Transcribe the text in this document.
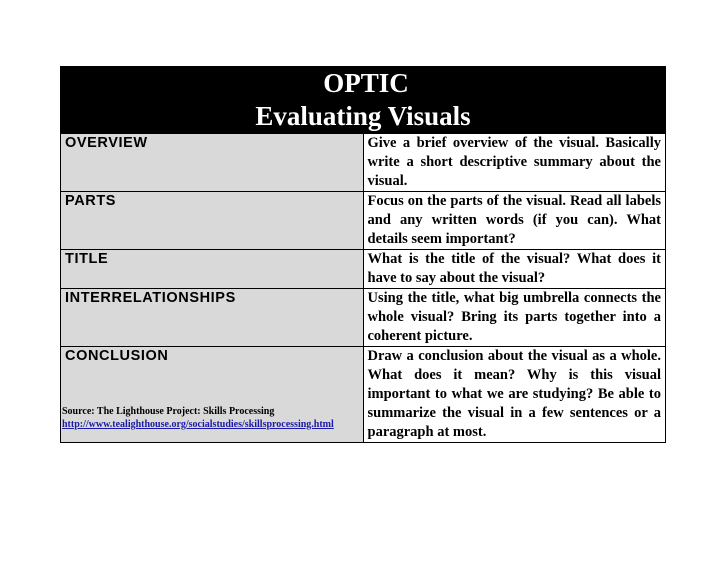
OPTIC
Evaluating Visuals	

OVERVIEW	Give a brief overview of the visual. Basically write a short descriptive summary about the visual.
PARTS	Focus on the parts of the visual. Read all labels and any written words (if you can). What details seem important?
TITLE	What is the title of the visual? What does it have to say about the visual?
INTERRELATIONSHIPS	Using the title, what big umbrella connects the whole visual? Bring its parts together into a coherent picture.
CONCLUSION	Draw a conclusion about the visual as a whole. What does it mean? Why is this visual important to what we are studying? Be able to summarize the visual in a few sentences or a paragraph at most.
Source: The Lighthouse Project: Skills Processing
http://www.tealighthouse.org/socialstudies/skillsprocessing.html
